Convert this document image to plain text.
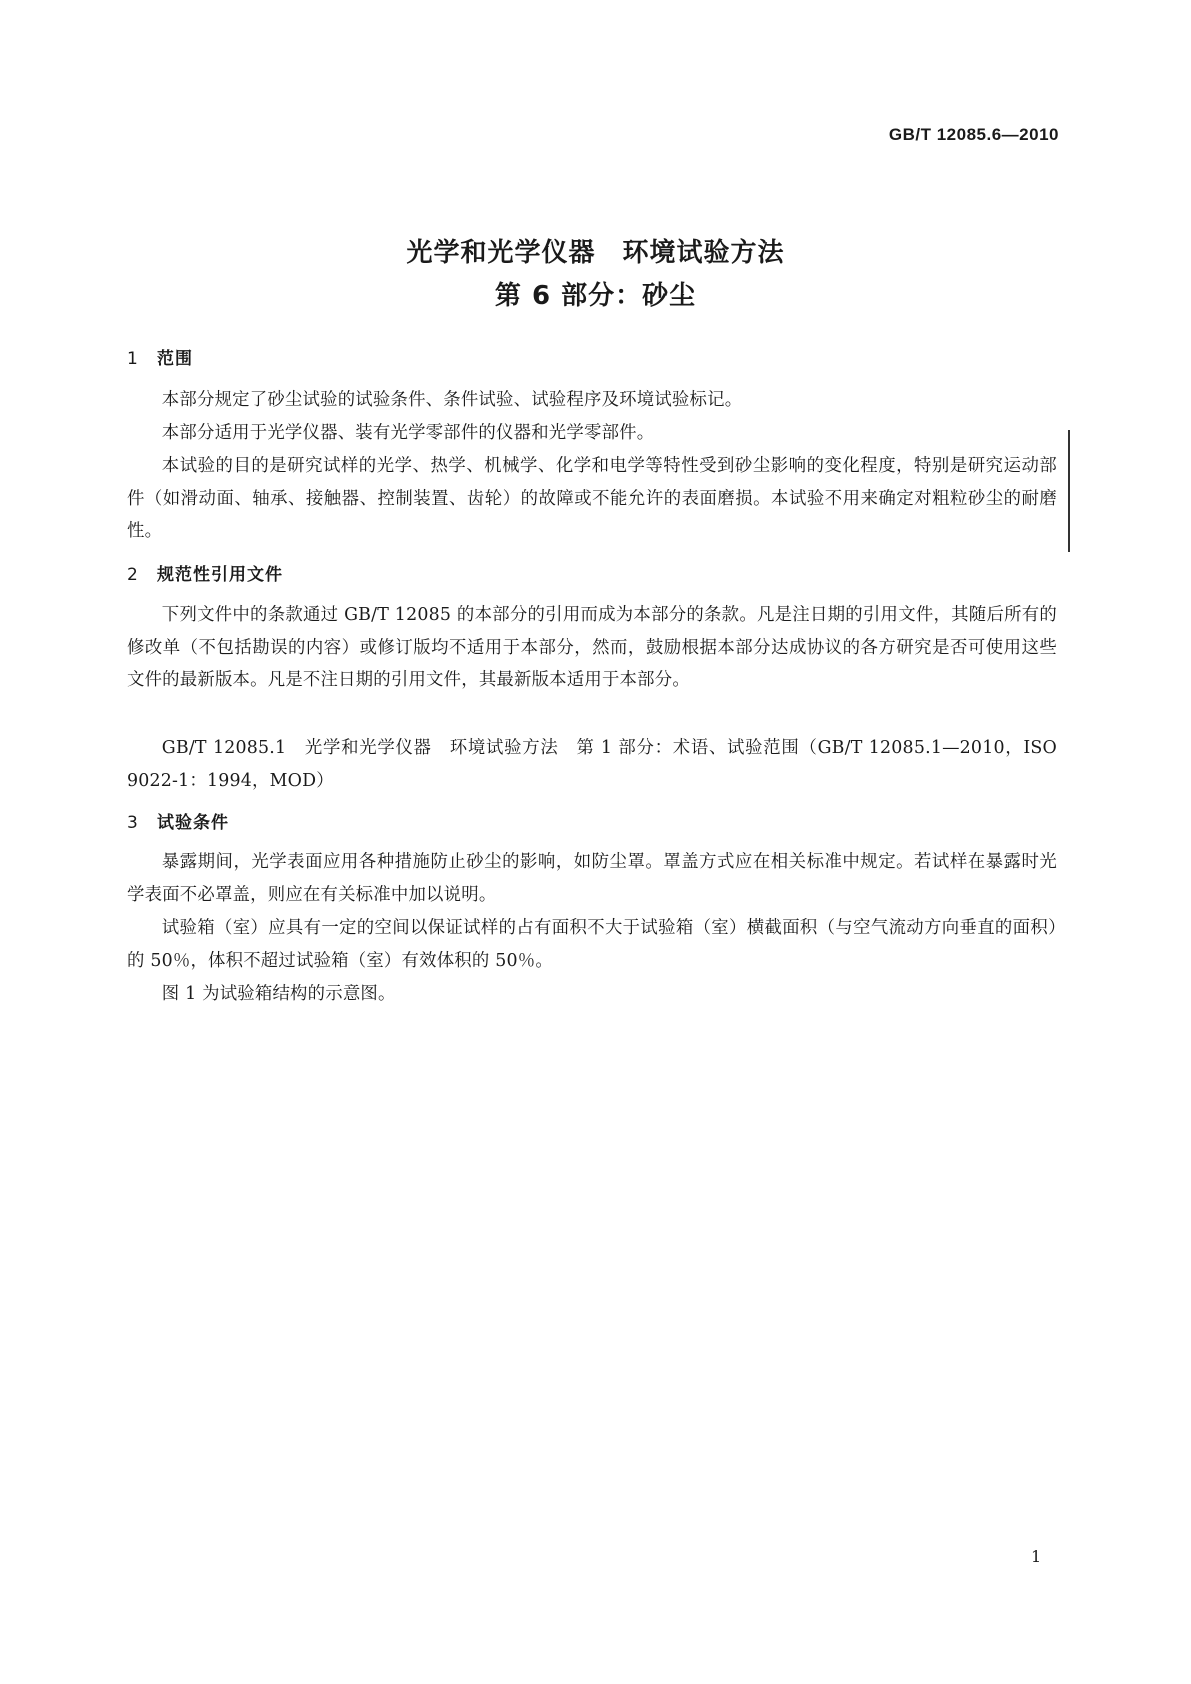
GB/T 12085.6—2010
光学和光学仪器　环境试验方法
第 6 部分：砂尘
1 范围
本部分规定了砂尘试验的试验条件、条件试验、试验程序及环境试验标记。
本部分适用于光学仪器、装有光学零部件的仪器和光学零部件。
本试验的目的是研究试样的光学、热学、机械学、化学和电学等特性受到砂尘影响的变化程度，特别是研究运动部件（如滑动面、轴承、接触器、控制装置、齿轮）的故障或不能允许的表面磨损。本试验不用来确定对粗粒砂尘的耐磨性。
2 规范性引用文件
下列文件中的条款通过 GB/T 12085 的本部分的引用而成为本部分的条款。凡是注日期的引用文件，其随后所有的修改单（不包括勘误的内容）或修订版均不适用于本部分，然而，鼓励根据本部分达成协议的各方研究是否可使用这些文件的最新版本。凡是不注日期的引用文件，其最新版本适用于本部分。
GB/T 12085.1　光学和光学仪器　环境试验方法　第 1 部分：术语、试验范围（GB/T 12085.1—2010，ISO 9022-1：1994，MOD）
3 试验条件
暴露期间，光学表面应用各种措施防止砂尘的影响，如防尘罩。罩盖方式应在相关标准中规定。若试样在暴露时光学表面不必罩盖，则应在有关标准中加以说明。
试验箱（室）应具有一定的空间以保证试样的占有面积不大于试验箱（室）横截面积（与空气流动方向垂直的面积）的 50％，体积不超过试验箱（室）有效体积的 50％。
图 1 为试验箱结构的示意图。
1
